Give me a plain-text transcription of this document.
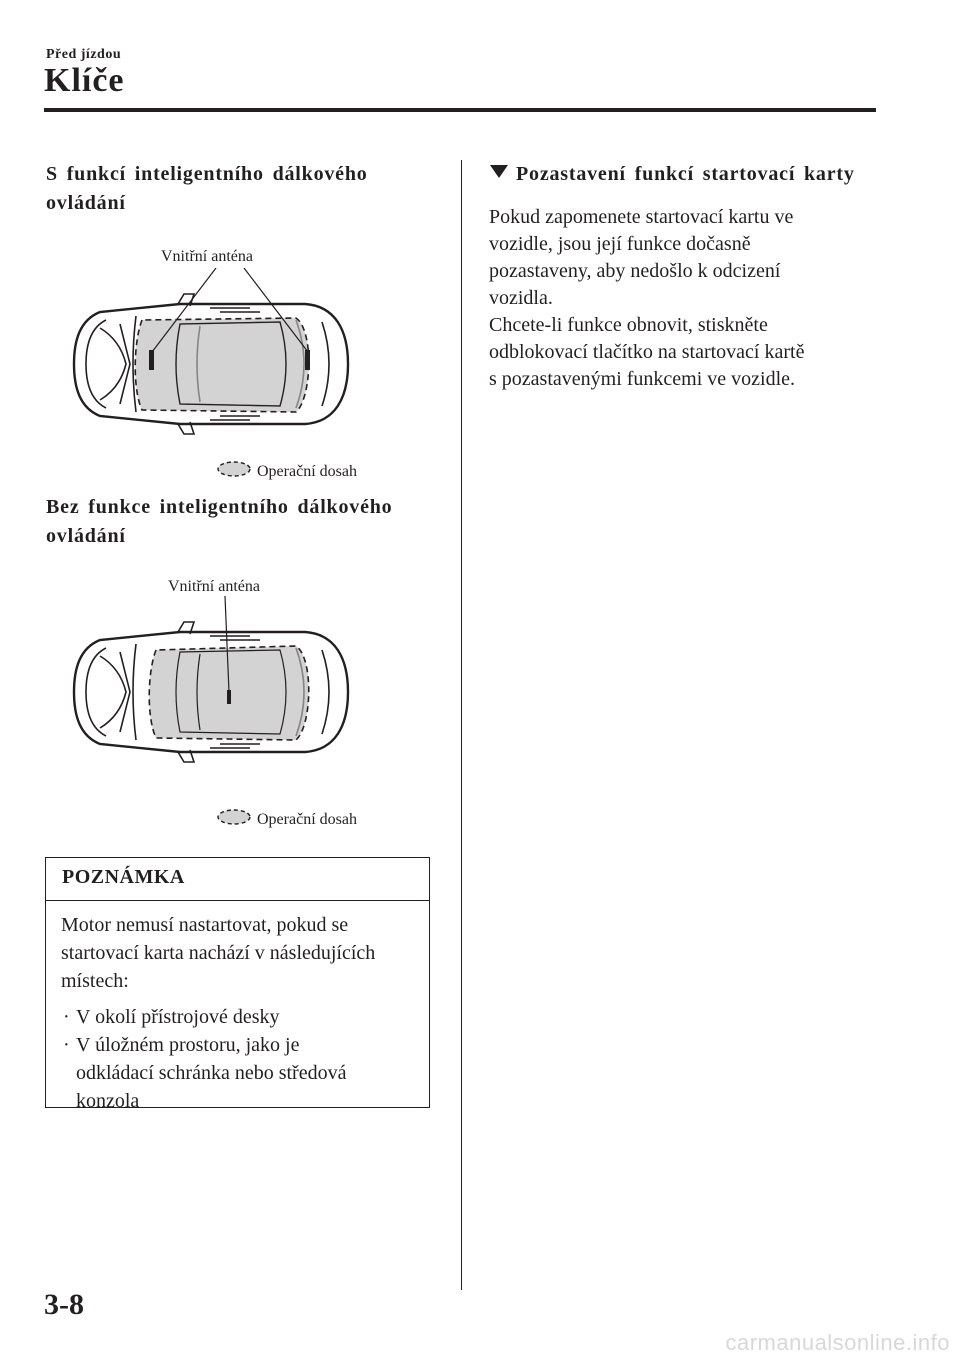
Před jízdou
Klíče
S funkcí inteligentního dálkového
ovládání
Vnitřní anténa
Operační dosah
Bez funkce inteligentního dálkového
ovládání
Vnitřní anténa
Operační dosah
POZNÁMKA
Motor nemusí nastartovat, pokud se
startovací karta nachází v následujících
místech:
· V okolí přístrojové desky
· V úložném prostoru, jako je
odkládací schránka nebo středová
konzola
Pozastavení funkcí startovací karty
Pokud zapomenete startovací kartu ve
vozidle, jsou její funkce dočasně
pozastaveny, aby nedošlo k odcizení
vozidla.
Chcete-li funkce obnovit, stiskněte
odblokovací tlačítko na startovací kartě
s pozastavenými funkcemi ve vozidle.
3-8
carmanualsonline.info
